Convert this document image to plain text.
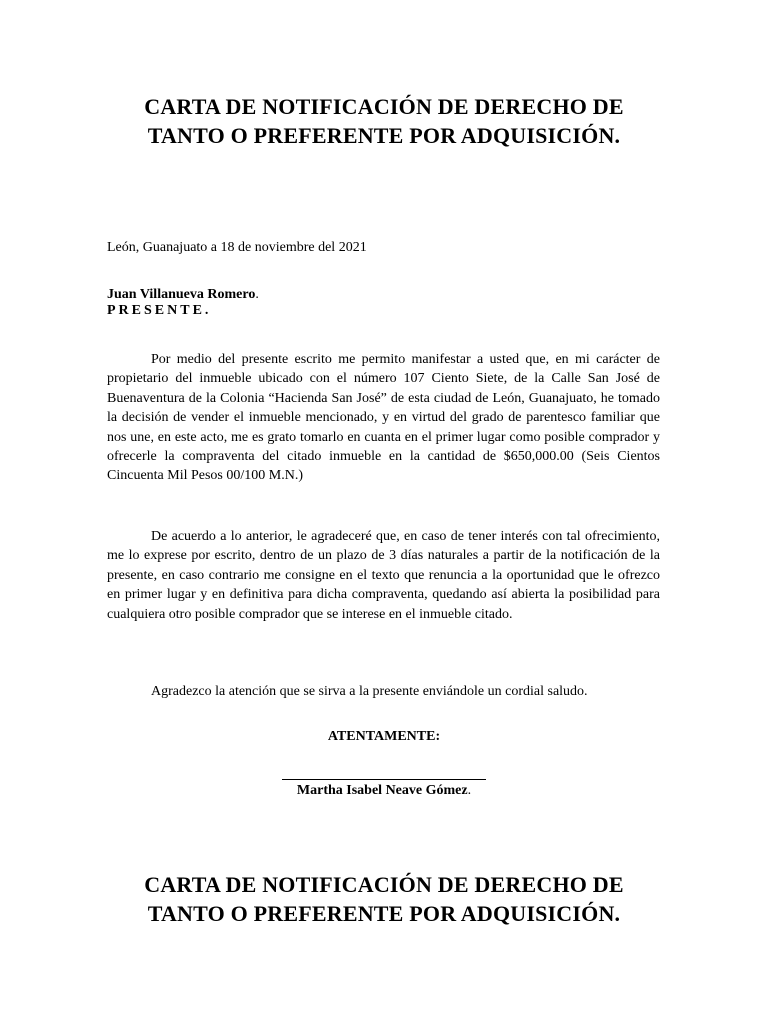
CARTA DE NOTIFICACIÓN DE DERECHO DE
TANTO O PREFERENTE POR ADQUISICIÓN.
León, Guanajuato a 18 de noviembre del 2021
Juan Villanueva Romero.
PRESENTE.

Por medio del presente escrito me permito manifestar a usted que, en mi carácter de propietario del inmueble ubicado con el número 107 Ciento Siete, de la Calle San José de Buenaventura de la Colonia “Hacienda San José” de esta ciudad de León, Guanajuato, he tomado la decisión de vender el inmueble mencionado, y en virtud del grado de parentesco familiar que nos une, en este acto, me es grato tomarlo en cuanta en el primer lugar como posible comprador y ofrecerle la compraventa del citado inmueble en la cantidad de $650,000.00 (Seis Cientos Cincuenta Mil Pesos 00/100 M.N.)

De acuerdo a lo anterior, le agradeceré que, en caso de tener interés con tal ofrecimiento, me lo exprese por escrito, dentro de un plazo de 3 días naturales a partir de la notificación de la presente, en caso contrario me consigne en el texto que renuncia a la oportunidad que le ofrezco en primer lugar y en definitiva para dicha compraventa, quedando así abierta la posibilidad para cualquiera otro posible comprador que se interese en el inmueble citado.

Agradezco la atención que se sirva a la presente enviándole un cordial saludo.

ATENTAMENTE:
Martha Isabel Neave Gómez.
CARTA DE NOTIFICACIÓN DE DERECHO DE
TANTO O PREFERENTE POR ADQUISICIÓN.
